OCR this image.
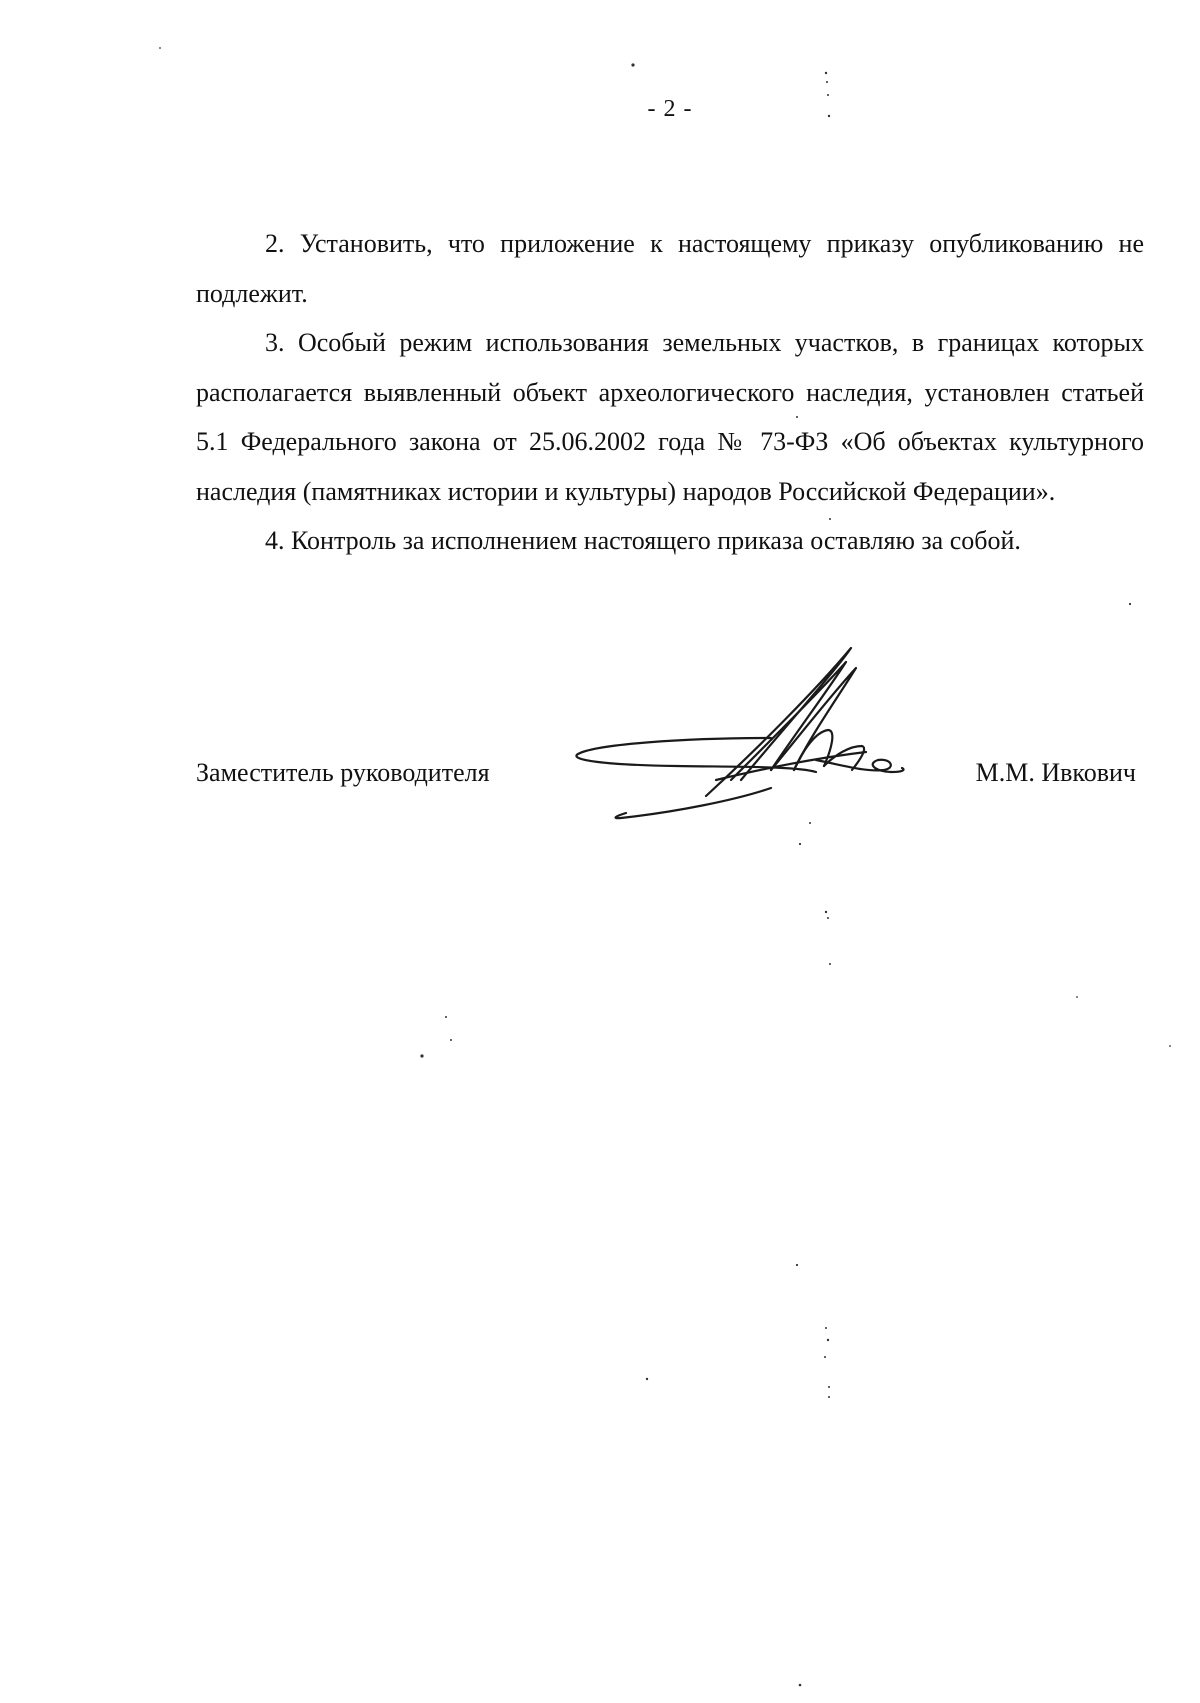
- 2 -

2. Установить, что приложение к настоящему приказу опубликованию не подлежит.

3. Особый режим использования земельных участков, в границах которых располагается выявленный объект археологического наследия, установлен статьей 5.1 Федерального закона от 25.06.2002 года № 73-ФЗ «Об объектах культурного наследия (памятниках истории и культуры) народов Российской Федерации».

4. Контроль за исполнением настоящего приказа оставляю за собой.

Заместитель руководителя	М.М. Ивкович
